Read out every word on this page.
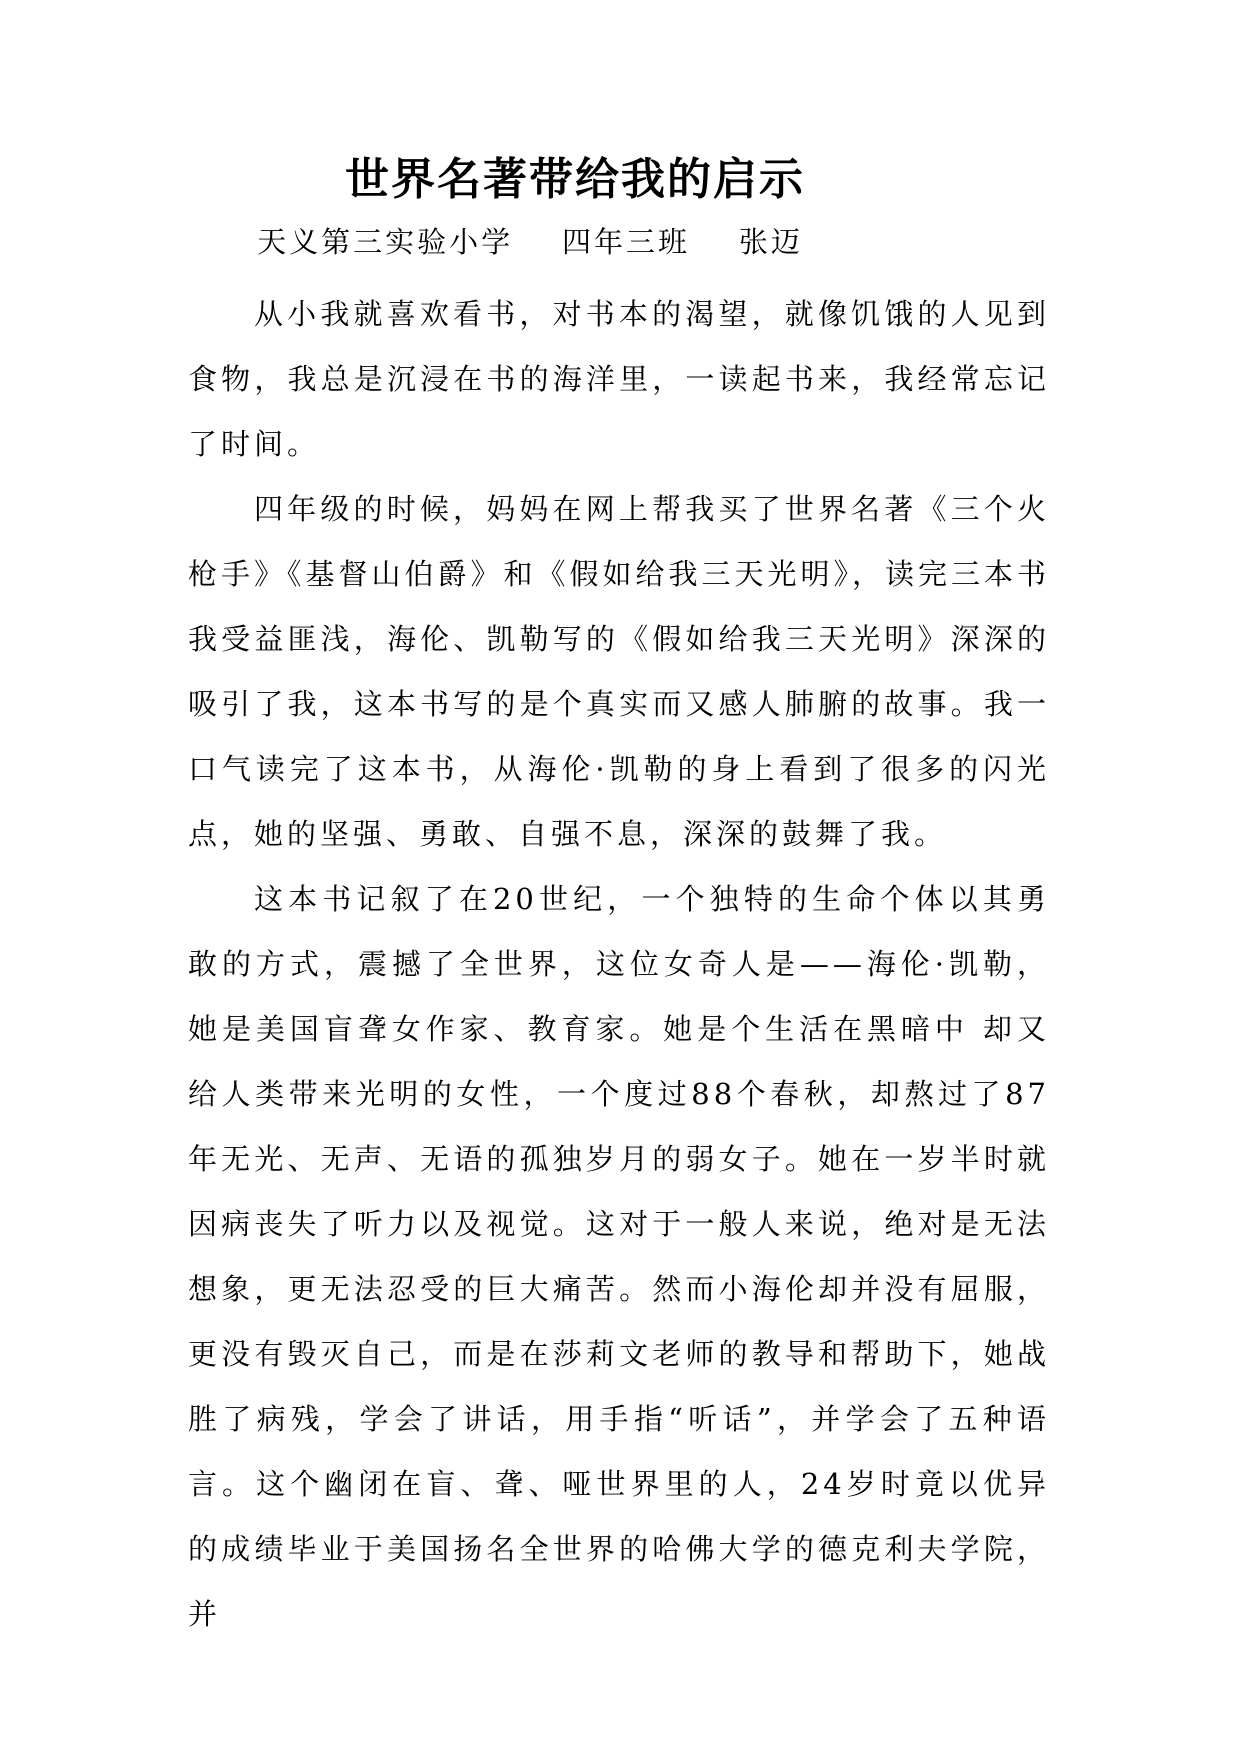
世界名著带给我的启示

天义第三实验小学    四年三班    张迈

从小我就喜欢看书，对书本的渴望，就像饥饿的人见到食物，我总是沉浸在书的海洋里，一读起书来，我经常忘记了时间。

四年级的时候，妈妈在网上帮我买了世界名著《三个火枪手》《基督山伯爵》和《假如给我三天光明》，读完三本书我受益匪浅，海伦、凯勒写的《假如给我三天光明》深深的吸引了我，这本书写的是个真实而又感人肺腑的故事。我一口气读完了这本书，从海伦·凯勒的身上看到了很多的闪光点，她的坚强、勇敢、自强不息，深深的鼓舞了我。

这本书记叙了在20世纪，一个独特的生命个体以其勇敢的方式，震撼了全世界，这位女奇人是——海伦·凯勒，她是美国盲聋女作家、教育家。她是个生活在黑暗中 却又给人类带来光明的女性，一个度过88个春秋，却熬过了87年无光、无声、无语的孤独岁月的弱女子。她在一岁半时就因病丧失了听力以及视觉。这对于一般人来说，绝对是无法想象，更无法忍受的巨大痛苦。然而小海伦却并没有屈服，更没有毁灭自己，而是在莎莉文老师的教导和帮助下，她战胜了病残，学会了讲话，用手指“听话”，并学会了五种语言。这个幽闭在盲、聋、哑世界里的人，24岁时竟以优异的成绩毕业于美国扬名全世界的哈佛大学的德克利夫学院，并
